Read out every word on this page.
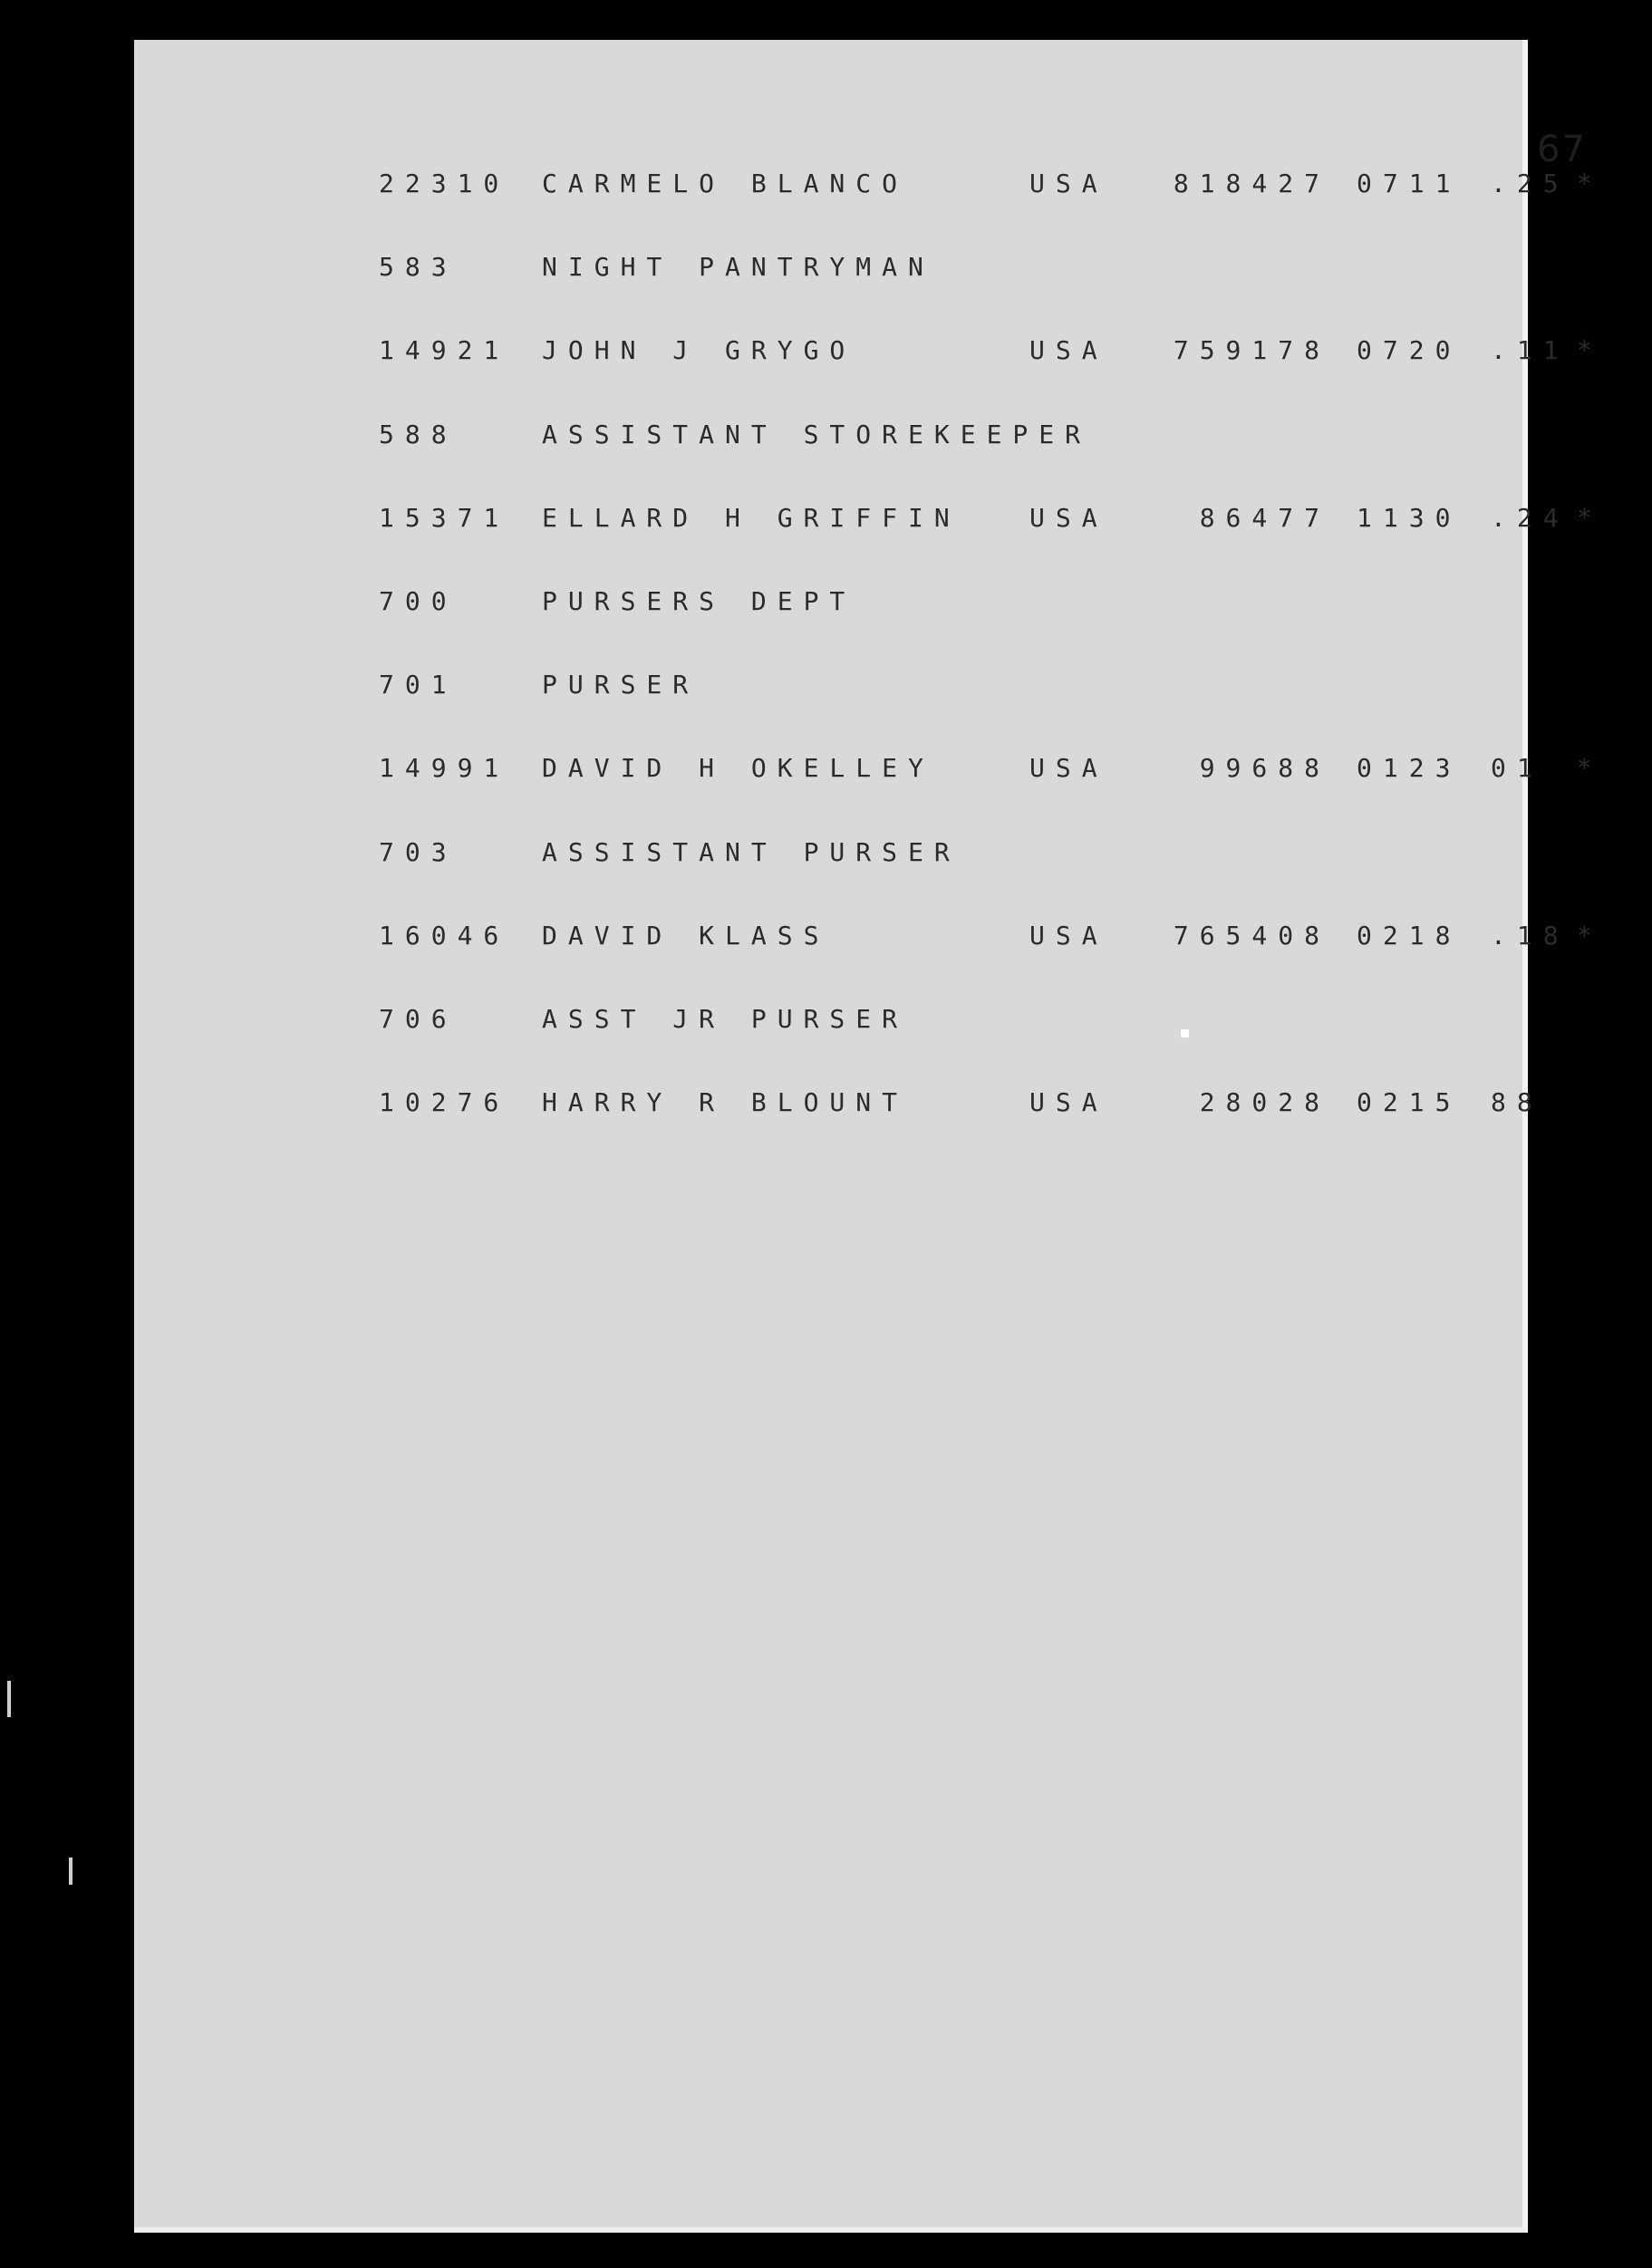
67
22310 CARMELO BLANCO	USA	818427 0711 .25 *
583	NIGHT PANTRYMAN
14921 JOHN J GRYGO	USA	759178 0720 .11 *
588	ASSISTANT STOREKEEPER
15371 ELLARD H GRIFFIN	USA	86477 1130 .24 *
700	PURSERS DEPT
701	PURSER
14991 DAVID H OKELLEY	USA	99688 0123 01 *
703	ASSISTANT PURSER
16046 DAVID KLASS	USA	765408 0218 .18 *
706	ASST JR PURSER
10276 HARRY R BLOUNT	USA	28028 0215 88
